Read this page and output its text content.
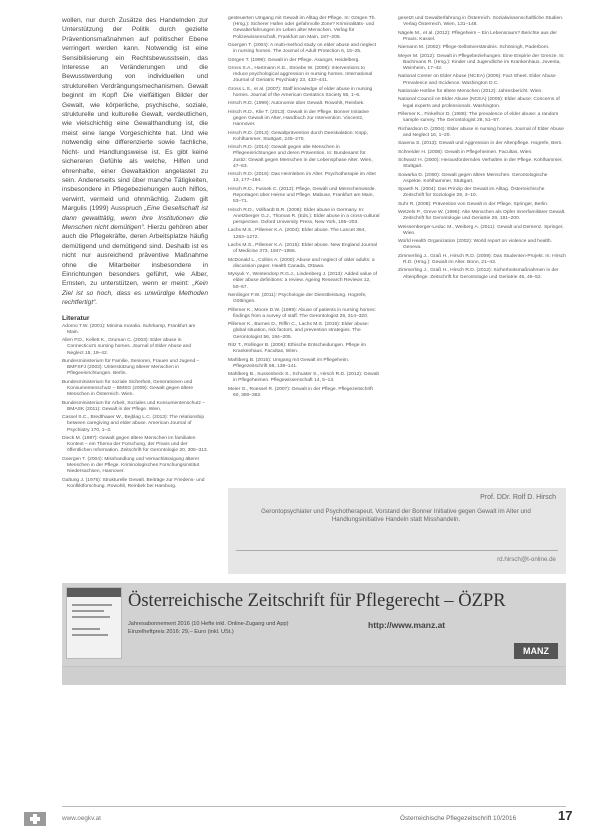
wollen, nur durch Zusätze des Handelnden zur Unterstützung der Politik durch gezielte Präventionsmaßnahmen auf politischer Ebene verringert werden kann. Notwendig ist eine Sensibilisierung ein Rechtsbewusstsein, das Interesse an Veränderungen und die Bewusstwerdung von individuellen und strukturellen Verdrängungsmechanismen. Gewalt beginnt im Kopf! Die vielfältigen Bilder der Gewalt, wie körperliche, psychische, soziale, strukturelle und kulturelle Gewalt, verdeutlichen, wie vielschichtig eine Gewalthandlung ist, die meist eine lange Vorgeschichte hat. Und wie notwendig eine differenzierte sowie fachliche, Nicht- und Handlungsweise ist. Es gibt keine sichereren Gefühle als welche, Hilfen und ehrenhafte, einer Gewaltaktion angelastet zu sein. Andererseits sind über manche Tätigkeiten, insbesondere in Pflegebeziehungen auch hilflos, verwirrt, vermeid und ohnmächtig. Zudem gilt Margulis (1999) Ausspruch „Eine Gesellschaft ist dann gewalttätig, wenn ihre Institutionen die Menschen nicht demütigen“. Hierzu gehören aber auch die Pflegekräfte, deren Arbeitsplatze häufig demütigend und demütigend sind. Deshalb ist es nicht nur ausreichend präventive Maßnahme ohne die Mitarbeiter insbesondere in Einrichtungen besonders geführt, wie Alber, Ernsten, zu unterstützen, wenn er meint: „Kein Ziel ist so hoch, dass es unwürdige Methoden rechtfertigt“.

Literatur
Adorno T.W. (2001): Minima moralia. Suhrkamp, Frankfurt am Main.
Allen P.D., Kellett K., Gruman C. (2003): Elder abuse in Connecticut's nursing homes. Journal of Elder Abuse and Neglect 15, 19–42.
Bundesministerium für Familie, Senioren, Frauen und Jugend – BMFSFJ (2003): Unterstützung älterer Menschen in Pflegeeinrichtungen. Berlin.
Bundesministerium für soziale Sicherheit, Generationen und Konsumentenschutz – BMSG (2009): Gewalt gegen ältere Menschen in Österreich. Wien.
Bundesministerium für Arbeit, Soziales und Konsumentenschutz – BMASK (2011): Gewalt in der Pflege. Wien.
Cassel S.C., Bredthauer W., Bejblag L.C. (2013): The relationship between caregiving and elder abuse. American Journal of Psychiatry 170, 1–3.
Dieck M. (1987): Gewalt gegen ältere Menschen im familialen Kontext – ein Thema der Forschung, der Praxis und der öffentlichen Information. Zeitschrift für Gerontologie 20, 305–313.
Goergen T. (2004): Misshandlung und Vernachlässigung älterer Menschen in der Pflege. Kriminologisches Forschungsinstitut Niedersachsen, Hannover.
Galtung J. (1975): Strukturelle Gewalt. Beiträge zur Friedens- und Konfliktforschung. Rowohlt, Reinbek bei Hamburg.
gesteuerten Umgang mit Gewalt im Alltag der Pflege. In: Görgen Th. (Hrsg.): Sicherer Hafen oder gefahrvolle Zone? Kriminalitäts- und Gewalterfahrungen im Leben alter Menschen. Verlag für Polizeiwissenschaft, Frankfurt am Main, 187–205.
Goergen T. (2004): A multi-method study on elder abuse and neglect in nursing homes. The Journal of Adult Protection 6, 15–25.
Görgen T. (1999): Gewalt in der Pflege. Asanger, Heidelberg.
Gross S.A., Hartmann K.E., Stroebe W. (2008): Interventions to reduce psychological aggression in nursing homes. International Journal of Geriatric Psychiatry 23, 433–441.
Gross L.S., et al. (2007): Staff knowledge of elder abuse in nursing homes. Journal of the American Geriatrics Society 55, 1–6.
Hirsch R.D. (1999): Autonomie über Gewalt. Rowohlt, Reinbek.
Hirsch R.D., Klie T. (2013): Gewalt in der Pflege. Bonner Initiative gegen Gewalt im Alter, Handbuch zur Intervention. Vincentz, Hannover.
Hirsch R.D. (2013): Gewaltprävention durch Deeskalation: Kopp, Kohlhammer, Stuttgart, 245–270.
Hirsch R.D. (2014): Gewalt gegen alte Menschen in Pflegeeinrichtungen und deren Prävention. In: Bundesamt für Justiz: Gewalt gegen Menschen in der Lebensphase Alter. Wien, 47–63.
Hirsch R.D. (2016): Das Heimleben im Alter. Psychotherapie im Alter 13, 177–194.
Hirsch R.D., Fussek C. (2012): Pflege, Gewalt und Menschenwürde. Reportagen über Heime und Pflege. Mabuse, Frankfurt am Main, 53–71.
Hirsch R.D., Vollhardt B.R. (2008): Elder abuse in Germany. In: Anetzberger G.J., Thomas R. (Eds.): Elder abuse in a cross-cultural perspective. Oxford University Press, New York, 185–203.
Lachs M.S., Pillemer K.A. (2004): Elder abuse. The Lancet 364, 1263–1272.
Lachs M.S., Pillemer K.A. (2015): Elder abuse. New England Journal of Medicine 373, 1947–1956.
McDonald L., Collins A. (2000): Abuse and neglect of older adults: a discussion paper. Health Canada, Ottawa.
Mysyuk Y., Westendorp R.G.J., Lindenberg J. (2013): Added value of elder abuse definitions: a review. Ageing Research Reviews 12, 50–57.
Nerdinger F.W. (2011): Psychologie der Dienstleistung. Hogrefe, Göttingen.
Pillemer K., Moore D.W. (1989): Abuse of patients in nursing homes: findings from a survey of staff. The Gerontologist 29, 314–320.
Pillemer K., Burnes D., Riffin C., Lachs M.S. (2016): Elder abuse: global situation, risk factors, and prevention strategies. The Gerontologist 56, 194–205.
Ritz T., Rollinger B. (2006): Ethische Entscheidungen. Pflege im Krankenhaus. Facultas, Wien.
Mahlberg B. (2015): Umgang mit Gewalt im Pflegeheim. Pflegezeitschrift 68, 138–141.
Mahlberg B., Sussenbeck S., Schuster S., Hirsch R.D. (2012): Gewalt in Pflegeheimen. Pflegewissenschaft 14, 5–13.
Meier G., Roessel R. (2007): Gewalt in der Pflege. Pflegezeitschrift 60, 380–382.
gesetzt und Gewalterfahrung in Österreich. Sozialwissenschaftliche Studien. Verlag Österreich, Wien, 131–148.
Nägele M., et al. (2012): Pflegeheim – Ein Lebensraum? Berichte aus der Praxis. Kassel.
Niemann M. (2002): Pflege-Selbstverständnis. Schöningh, Paderborn.
Meyer M. (2012): Gewalt in Pflegebeziehungen: Eine Empirie der Grenze. In: Bachmann R. (Hrsg.): Kinder und Jugendliche im Krankenhaus. Juventa, Weinheim, 17–42.
National Center on Elder Abuse (NCEA) (2005): Fact Sheet. Elder Abuse Prevalence and Incidence. Washington D.C.
Nationale Hotline für ältere Menschen (2012): Jahresbericht. Wien.
National Council on Elder Abuse (NCEA) (2005): Elder abuse: Concerns of legal experts and professionals. Washington.
Pillemer K., Finkelhor D. (1988): The prevalence of elder abuse: a random sample survey. The Gerontologist 28, 51–57.
Richardson D. (2004): Elder abuse in nursing homes. Journal of Elder Abuse and Neglect 16, 1–20.
Saxena S. (2013): Gewalt und Aggression in der Altenpflege. Hogrefe, Bern.
Schneider H. (2008): Gewalt in Pflegeheimen. Facultas, Wien.
Schwarz H. (2000): Herausforderndes Verhalten in der Pflege. Kohlhammer, Stuttgart.
Sowarka D. (2000): Gewalt gegen ältere Menschen. Gerontologische Aspekte. Kohlhammer, Stuttgart.
Spaeth N. (2004): Das Prinzip der Gewalt im Alltag. Österreichische Zeitschrift für Soziologie 29, 3–10.
Suhr R. (2008): Prävention von Gewalt in der Pflege. Springer, Berlin.
Wetzels P., Greve W. (1996): Alte Menschen als Opfer innerfamiliärer Gewalt. Zeitschrift für Gerontologie und Geriatrie 29, 191–200.
Weissenberger-Leduc M., Weiberg A. (2011): Gewalt und Demenz. Springer, Wien.
World Health Organization (2002): World report on violence and health. Geneva.
Zimmerling J., Graß H., Hirsch R.D. (2009): Das Studenten-Projekt. In: Hirsch R.D. (Hrsg.): Gewalt im Alter. Bonn, 21–43.
Zimmerling J., Graß H., Hirsch R.D. (2012): Sicherheitsmaßnahmen in der Altenpflege. Zeitschrift für Gerontologie und Geriatrie 45, 45–52.

Prof. DDr. Rolf D. Hirsch

Gerontopsychiater und Psychotherapeut, Vorstand der Bonner Initiative gegen Gewalt im Alter und Handlungsinitiative Handeln statt Misshandeln.

rd.hirsch@t-online.de

Österreichische Zeitschrift für Pflegerecht – ÖZPR

Jahresabonnement 2016 (10 Hefte inkl. Online-Zugang und App)

Einzelheftpreis 2016: 29,– Euro (inkl. USt.)

http://www.manz.at

MANZ

www.oegkv.at	Österreichische Pflegezeitschrift 10/2016	17
